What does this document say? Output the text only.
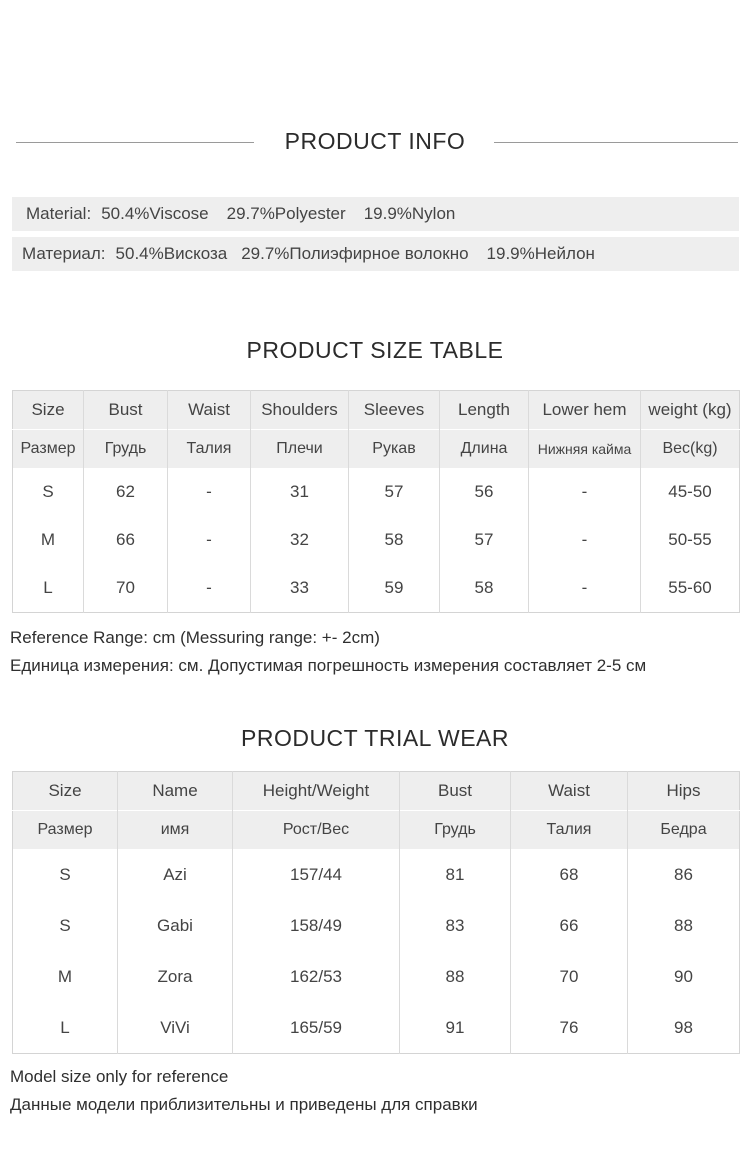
PRODUCT INFO
Material: 50.4%Viscose 29.7%Polyester 19.9%Nylon
Материал: 50.4%Вискоза 29.7%Полиэфирное волокно 19.9%Нейлон
PRODUCT SIZE TABLE
Size	Bust	Waist	Shoulders	Sleeves	Length	Lower hem	weight (kg)
Размер	Грудь	Талия	Плечи	Рукав	Длина	Нижняя кайма	Вес(kg)
S	62	-	31	57	56	-	45-50
M	66	-	32	58	57	-	50-55
L	70	-	33	59	58	-	55-60
Reference Range: cm (Messuring range: +- 2cm)
Единица измерения: см. Допустимая погрешность измерения составляет 2-5 см
PRODUCT TRIAL WEAR
Size	Name	Height/Weight	Bust	Waist	Hips
Размер	имя	Рост/Вес	Грудь	Талия	Бедра
S	Azi	157/44	81	68	86
S	Gabi	158/49	83	66	88
M	Zora	162/53	88	70	90
L	ViVi	165/59	91	76	98
Model size only for reference
Данные модели приблизительны и приведены для справки
